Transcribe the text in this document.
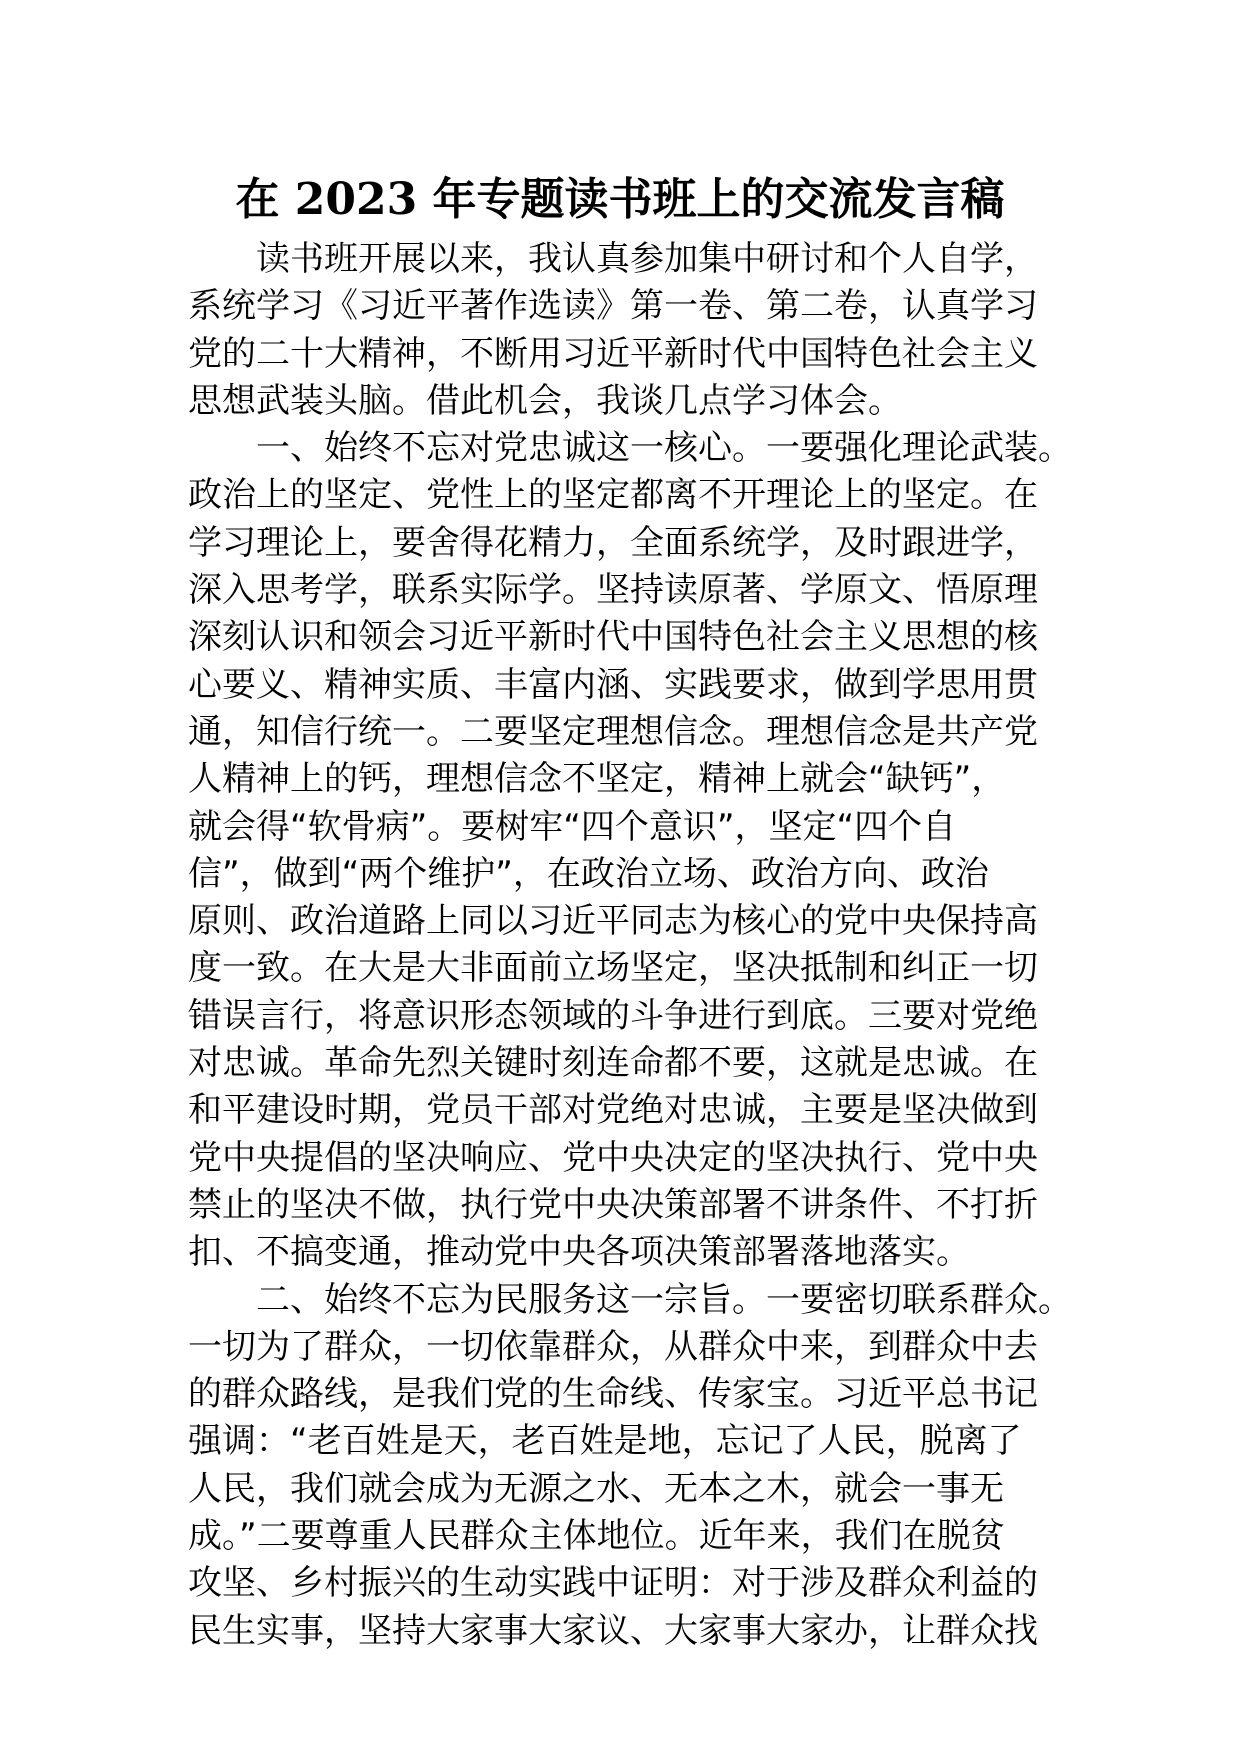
在 2023 年专题读书班上的交流发言稿
读书班开展以来，我认真参加集中研讨和个人自学，
系统学习《习近平著作选读》第一卷、第二卷，认真学习
党的二十大精神，不断用习近平新时代中国特色社会主义
思想武装头脑。借此机会，我谈几点学习体会。
一、始终不忘对党忠诚这一核心。一要强化理论武装。
政治上的坚定、党性上的坚定都离不开理论上的坚定。在
学习理论上，要舍得花精力，全面系统学，及时跟进学，
深入思考学，联系实际学。坚持读原著、学原文、悟原理
深刻认识和领会习近平新时代中国特色社会主义思想的核
心要义、精神实质、丰富内涵、实践要求，做到学思用贯
通，知信行统一。二要坚定理想信念。理想信念是共产党
人精神上的钙，理想信念不坚定，精神上就会“缺钙”，
就会得“软骨病”。要树牢“四个意识”，坚定“四个自
信”，做到“两个维护”，在政治立场、政治方向、政治
原则、政治道路上同以习近平同志为核心的党中央保持高
度一致。在大是大非面前立场坚定，坚决抵制和纠正一切
错误言行，将意识形态领域的斗争进行到底。三要对党绝
对忠诚。革命先烈关键时刻连命都不要，这就是忠诚。在
和平建设时期，党员干部对党绝对忠诚，主要是坚决做到
党中央提倡的坚决响应、党中央决定的坚决执行、党中央
禁止的坚决不做，执行党中央决策部署不讲条件、不打折
扣、不搞变通，推动党中央各项决策部署落地落实。
二、始终不忘为民服务这一宗旨。一要密切联系群众。
一切为了群众，一切依靠群众，从群众中来，到群众中去
的群众路线，是我们党的生命线、传家宝。习近平总书记
强调：“老百姓是天，老百姓是地，忘记了人民，脱离了
人民，我们就会成为无源之水、无本之木，就会一事无
成。”二要尊重人民群众主体地位。近年来，我们在脱贫
攻坚、乡村振兴的生动实践中证明：对于涉及群众利益的
民生实事，坚持大家事大家议、大家事大家办，让群众找
